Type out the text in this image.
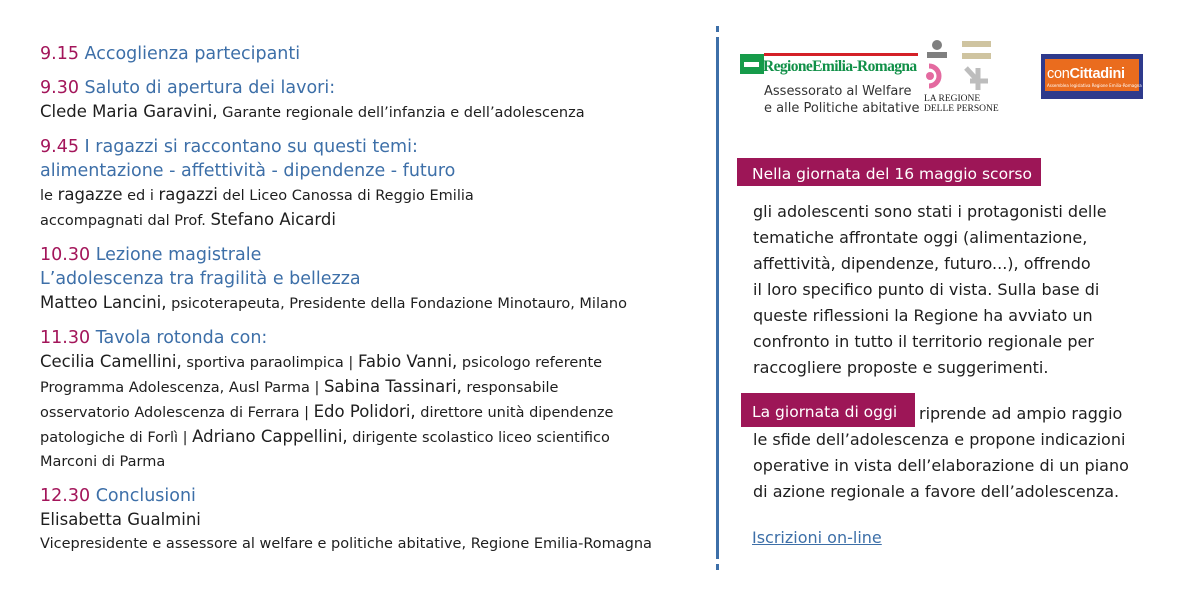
9.15 Accoglienza partecipanti
9.30 Saluto di apertura dei lavori:
Clede Maria Garavini, Garante regionale dell’infanzia e dell’adolescenza
9.45 I ragazzi si raccontano su questi temi:
alimentazione - affettività - dipendenze - futuro
le ragazze ed i ragazzi del Liceo Canossa di Reggio Emilia
accompagnati dal Prof. Stefano Aicardi
10.30 Lezione magistrale
L’adolescenza tra fragilità e bellezza
Matteo Lancini, psicoterapeuta, Presidente della Fondazione Minotauro, Milano
11.30 Tavola rotonda con:
Cecilia Camellini, sportiva paraolimpica | Fabio Vanni, psicologo referente
Programma Adolescenza, Ausl Parma | Sabina Tassinari, responsabile
osservatorio Adolescenza di Ferrara | Edo Polidori, direttore unità dipendenze
patologiche di Forlì | Adriano Cappellini, dirigente scolastico liceo scientifico
Marconi di Parma
12.30 Conclusioni
Elisabetta Gualmini
Vicepresidente e assessore al welfare e politiche abitative, Regione Emilia-Romagna
RegioneEmilia-Romagna
Assessorato al Welfare
e alle Politiche abitative
LA REGIONE
DELLE PERSONE
conCittadini
Assemblea legislativa Regione Emilia-Romagna
Nella giornata del 16 maggio scorso
gli adolescenti sono stati i protagonisti delle
tematiche affrontate oggi (alimentazione,
affettività, dipendenze, futuro...), offrendo
il loro specifico punto di vista. Sulla base di
queste riflessioni la Regione ha avviato un
confronto in tutto il territorio regionale per
raccogliere proposte e suggerimenti.
La giornata di oggi	riprende ad ampio raggio
le sfide dell’adolescenza e propone indicazioni
operative in vista dell’elaborazione di un piano
di azione regionale a favore dell’adolescenza.
Iscrizioni on-line
